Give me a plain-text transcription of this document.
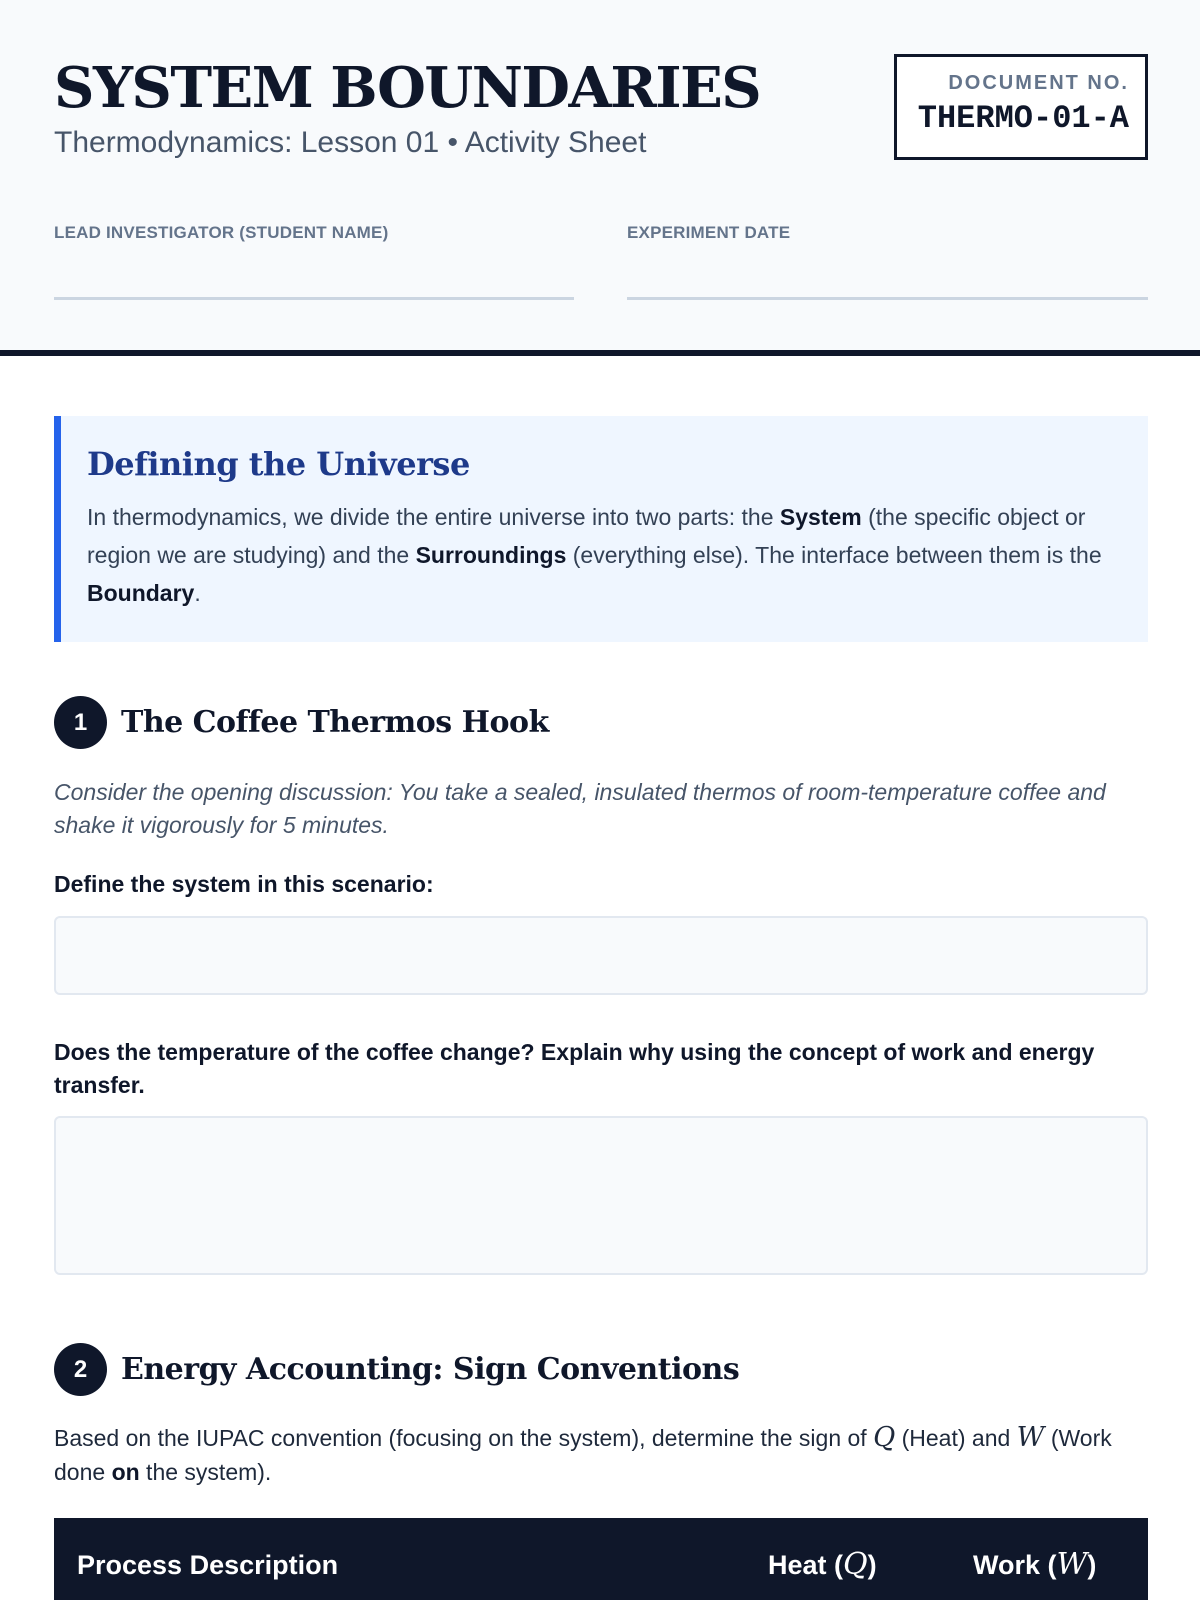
SYSTEM BOUNDARIES
Thermodynamics: Lesson 01 • Activity Sheet
DOCUMENT NO.
THERMO-01-A
LEAD INVESTIGATOR (STUDENT NAME)	EXPERIMENT DATE
Defining the Universe
In thermodynamics, we divide the entire universe into two parts: the System (the specific object or region we are studying) and the Surroundings (everything else). The interface between them is the Boundary.
1	The Coffee Thermos Hook
Consider the opening discussion: You take a sealed, insulated thermos of room-temperature coffee and shake it vigorously for 5 minutes.
Define the system in this scenario:
Does the temperature of the coffee change? Explain why using the concept of work and energy transfer.
2	Energy Accounting: Sign Conventions
Based on the IUPAC convention (focusing on the system), determine the sign of Q (Heat) and W (Work done on the system).
Process Description	Heat (Q)	Work (W)
